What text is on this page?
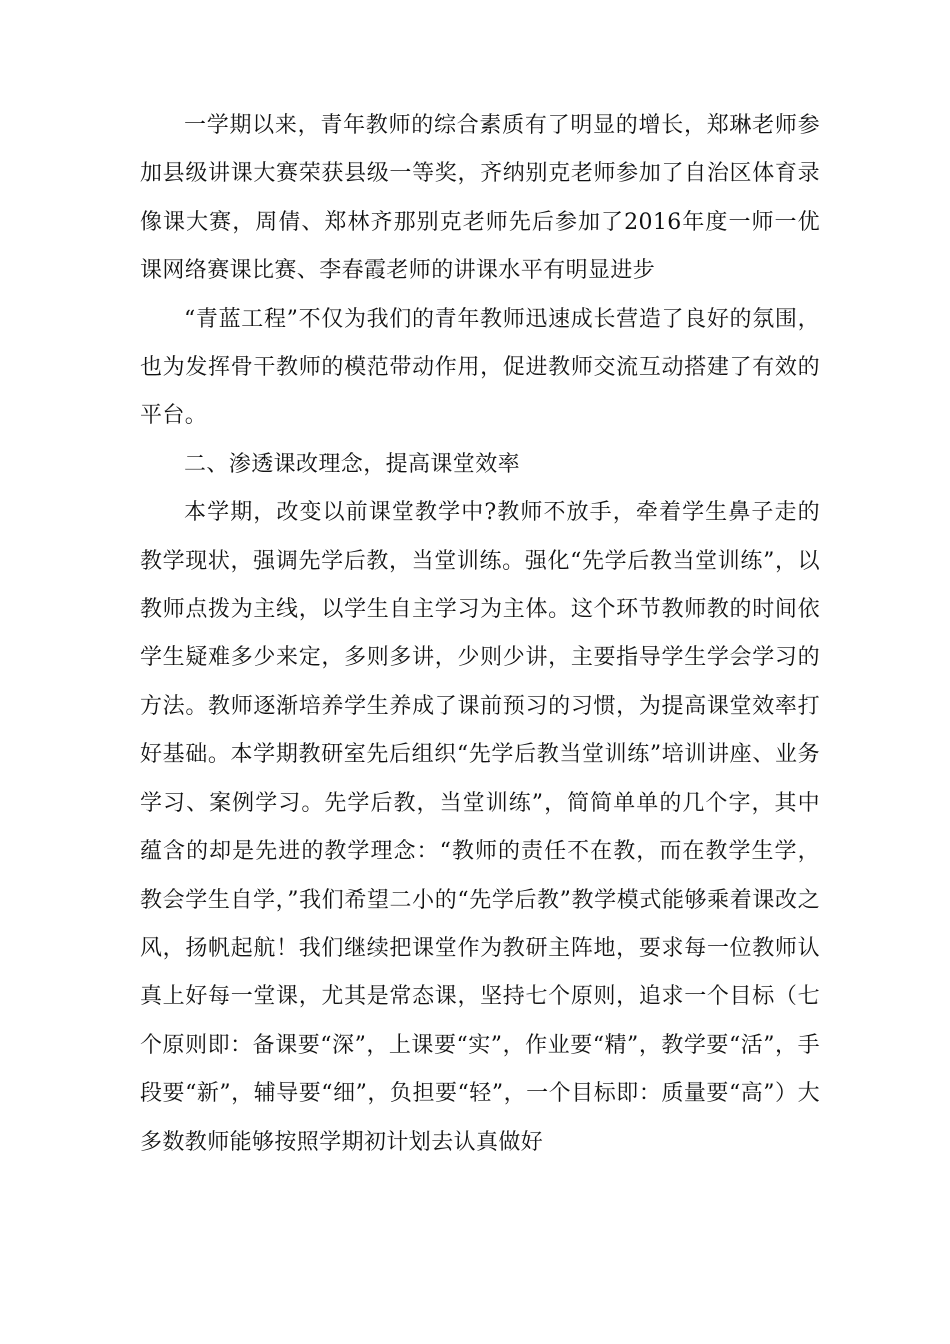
一学期以来，青年教师的综合素质有了明显的增长，郑琳老师参加县级讲课大赛荣获县级一等奖，齐纳别克老师参加了自治区体育录像课大赛，周倩、郑林齐那别克老师先后参加了2016年度一师一优课网络赛课比赛、李春霞老师的讲课水平有明显进步

“青蓝工程”不仅为我们的青年教师迅速成长营造了良好的氛围，也为发挥骨干教师的模范带动作用，促进教师交流互动搭建了有效的平台。

二、渗透课改理念，提高课堂效率

本学期，改变以前课堂教学中?教师不放手，牵着学生鼻子走的教学现状，强调先学后教，当堂训练。强化“先学后教当堂训练”，以教师点拨为主线，以学生自主学习为主体。这个环节教师教的时间依学生疑难多少来定，多则多讲，少则少讲，主要指导学生学会学习的方法。教师逐渐培养学生养成了课前预习的习惯，为提高课堂效率打好基础。本学期教研室先后组织“先学后教当堂训练”培训讲座、业务学习、案例学习。先学后教，当堂训练”，简简单单的几个字，其中蕴含的却是先进的教学理念：“教师的责任不在教，而在教学生学，教会学生自学，”我们希望二小的“先学后教”教学模式能够乘着课改之风，扬帆起航！我们继续把课堂作为教研主阵地，要求每一位教师认真上好每一堂课，尤其是常态课，坚持七个原则，追求一个目标（七个原则即：备课要“深”，上课要“实”，作业要“精”，教学要“活”，手段要“新”，辅导要“细”，负担要“轻”，一个目标即：质量要“高”）大多数教师能够按照学期初计划去认真做好
